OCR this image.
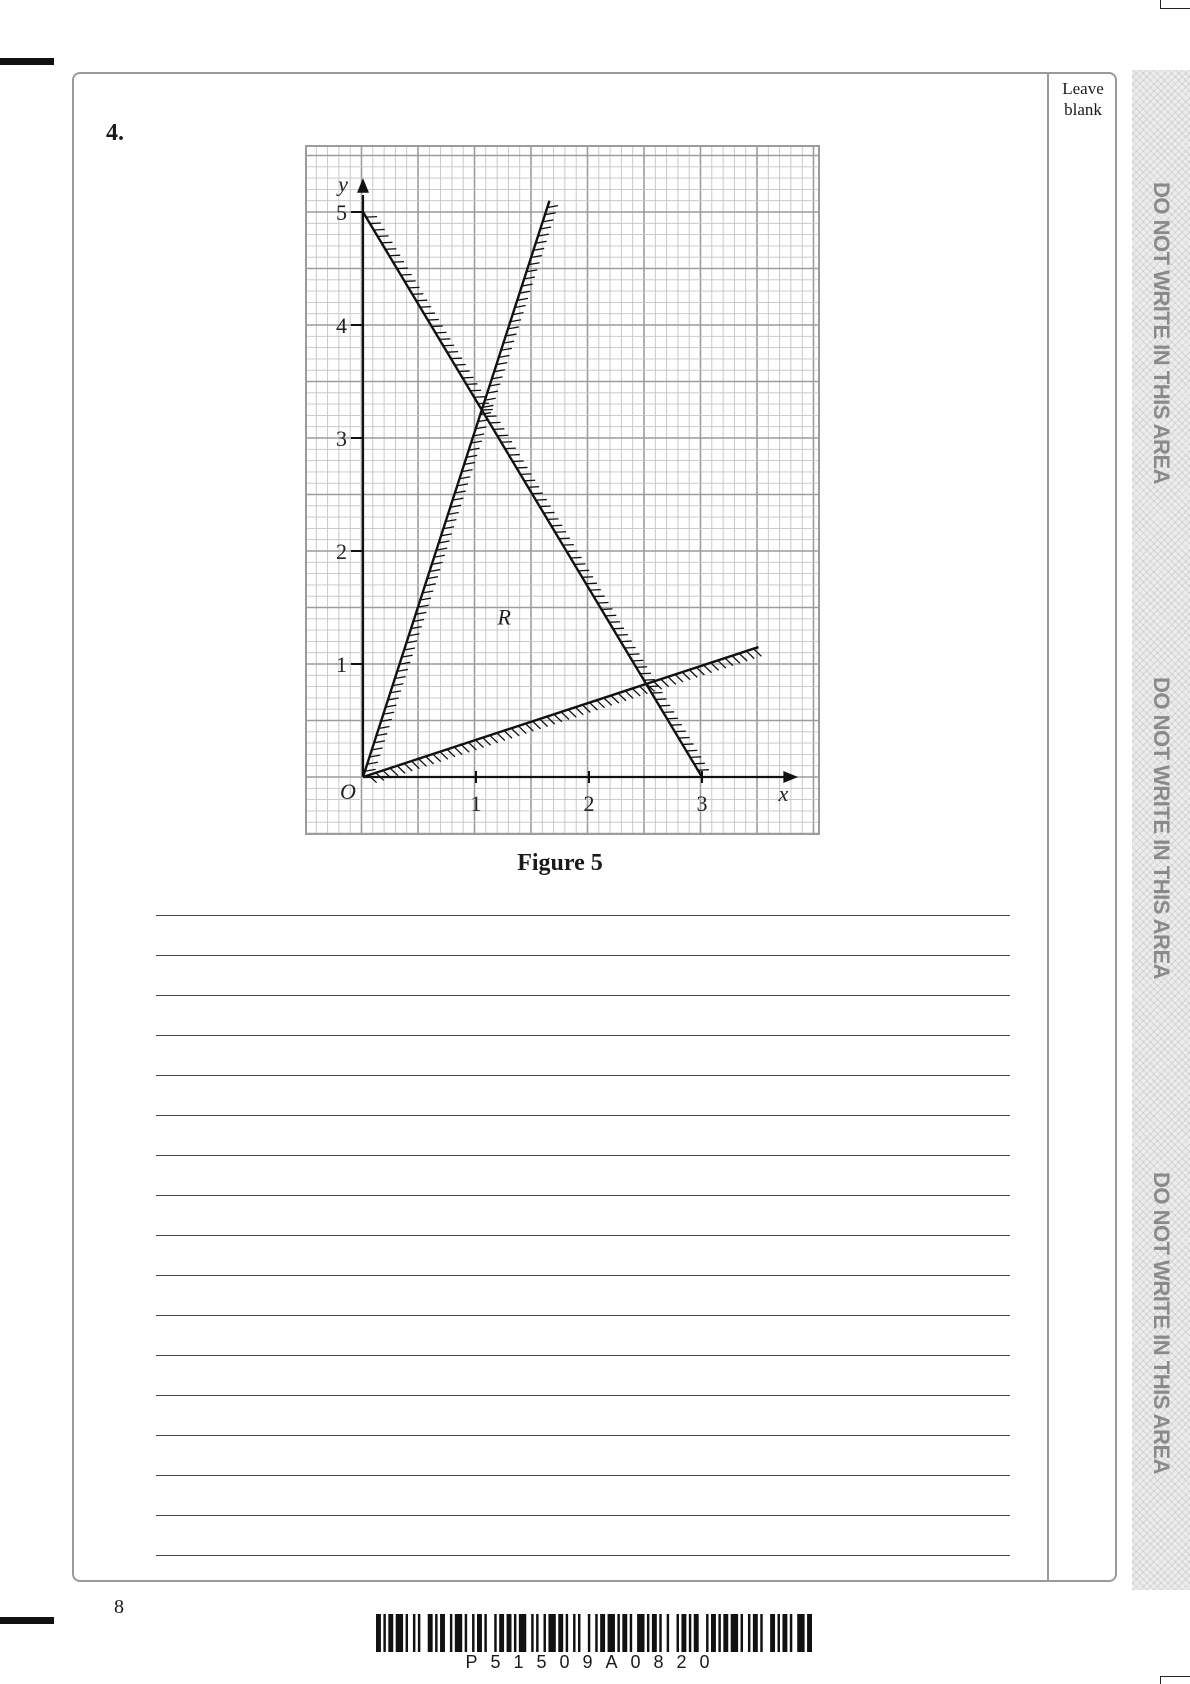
Leave blank
DO NOT WRITE IN THIS AREA
DO NOT WRITE IN THIS AREA
DO NOT WRITE IN THIS AREA
4.
1	2	3
1
2
3
4
5
x
y
O
R
Figure 5
8
P51509A0820
